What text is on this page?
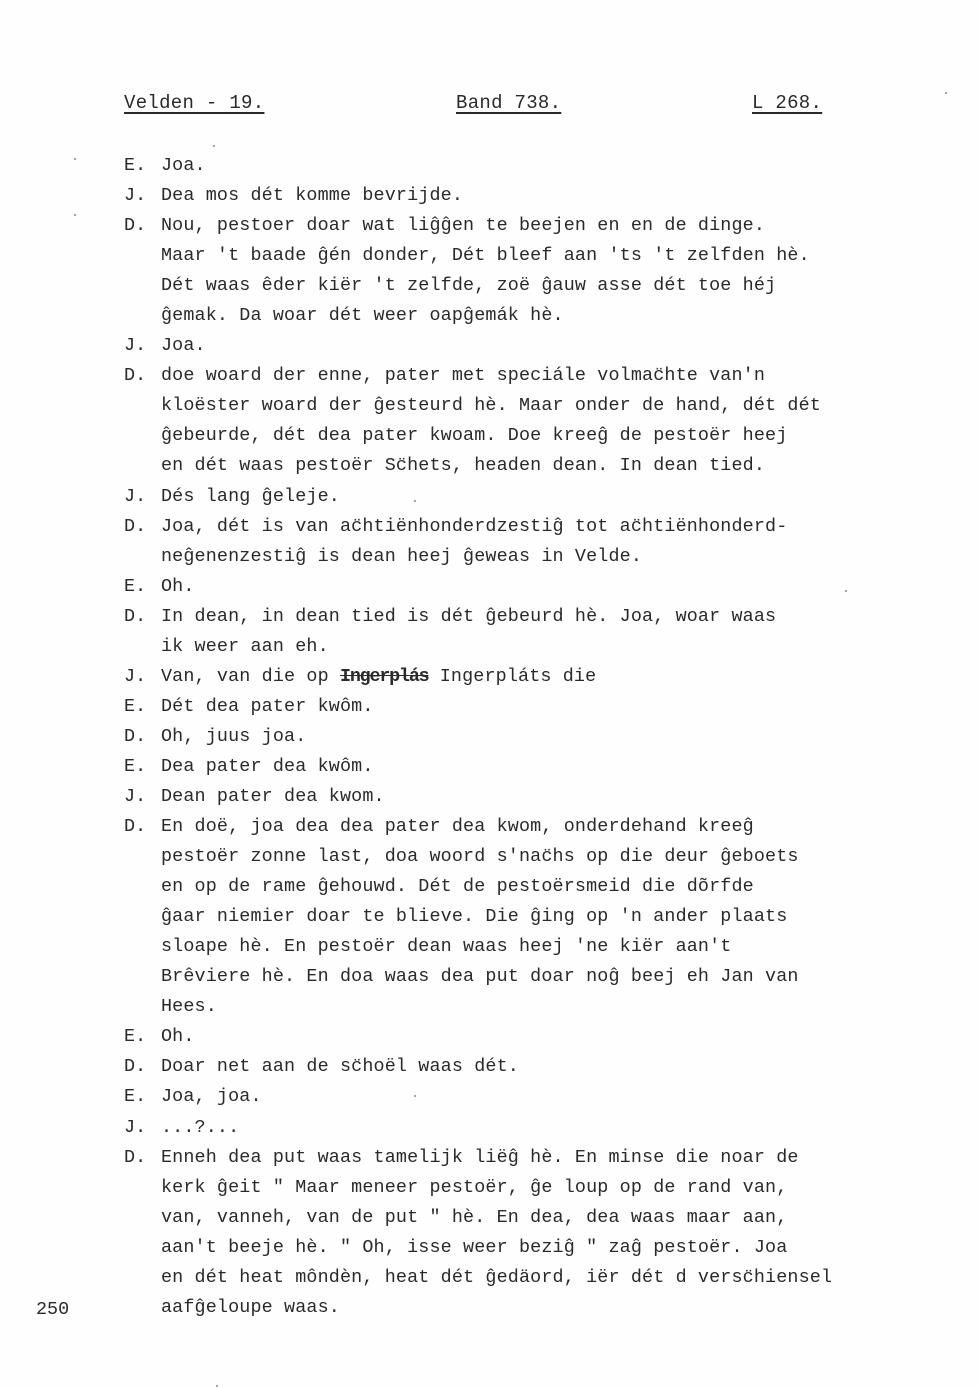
Velden - 19.	Band 738.	L 268.
E. Joa.
J. Dea mos dét komme bevrijde.
D. Nou, pestoer doar wat liĝĝen te beejen en en de dinge.
Maar 't baade ĝén donder, Dét bleef aan 'ts 't zelfden hè.
Dét waas êder kiër 't zelfde, zoë ĝauw asse dét toe héj
ĝemak. Da woar dét weer oapĝemák hè.
J. Joa.
D. doe woard der enne, pater met speciále volmac̈hte van'n
kloëster woard der ĝesteurd hè. Maar onder de hand, dét dét
ĝebeurde, dét dea pater kwoam. Doe kreeĝ de pestoër heej
en dét waas pestoër Sc̈hets, headen dean. In dean tied.
J. Dés lang ĝeleje.
D. Joa, dét is van ac̈htiënhonderdzestiĝ tot ac̈htiënhonderd-
neĝenenzestiĝ is dean heej ĝeweas in Velde.
E. Oh.
D. In dean, in dean tied is dét ĝebeurd hè. Joa, woar waas
ik weer aan eh.
J. Van, van die op Ingerplás Ingerpláts die
E. Dét dea pater kwôm.
D. Oh, juus joa.
E. Dea pater dea kwôm.
J. Dean pater dea kwom.
D. En doë, joa dea dea pater dea kwom, onderdehand kreeĝ
pestoër zonne last, doa woord s'nac̈hs op die deur ĝeboets
en op de rame ĝehouwd. Dét de pestoërsmeid die dõrfde
ĝaar niemier doar te blieve. Die ĝing op 'n ander plaats
sloape hè. En pestoër dean waas heej 'ne kiër aan't
Brêviere hè. En doa waas dea put doar noĝ beej eh Jan van
Hees.
E. Oh.
D. Doar net aan de sc̈hoël waas dét.
E. Joa, joa.
J. ...?...
D. Enneh dea put waas tamelijk liëĝ hè. En minse die noar de
kerk ĝeit " Maar meneer pestoër, ĝe loup op de rand van,
van, vanneh, van de put " hè. En dea, dea waas maar aan,
aan't beeje hè. " Oh, isse weer beziĝ " zaĝ pestoër. Joa
en dét heat môndèn, heat dét ĝedäord, iër dét d versc̈hiensel
aafĝeloupe waas.
250
